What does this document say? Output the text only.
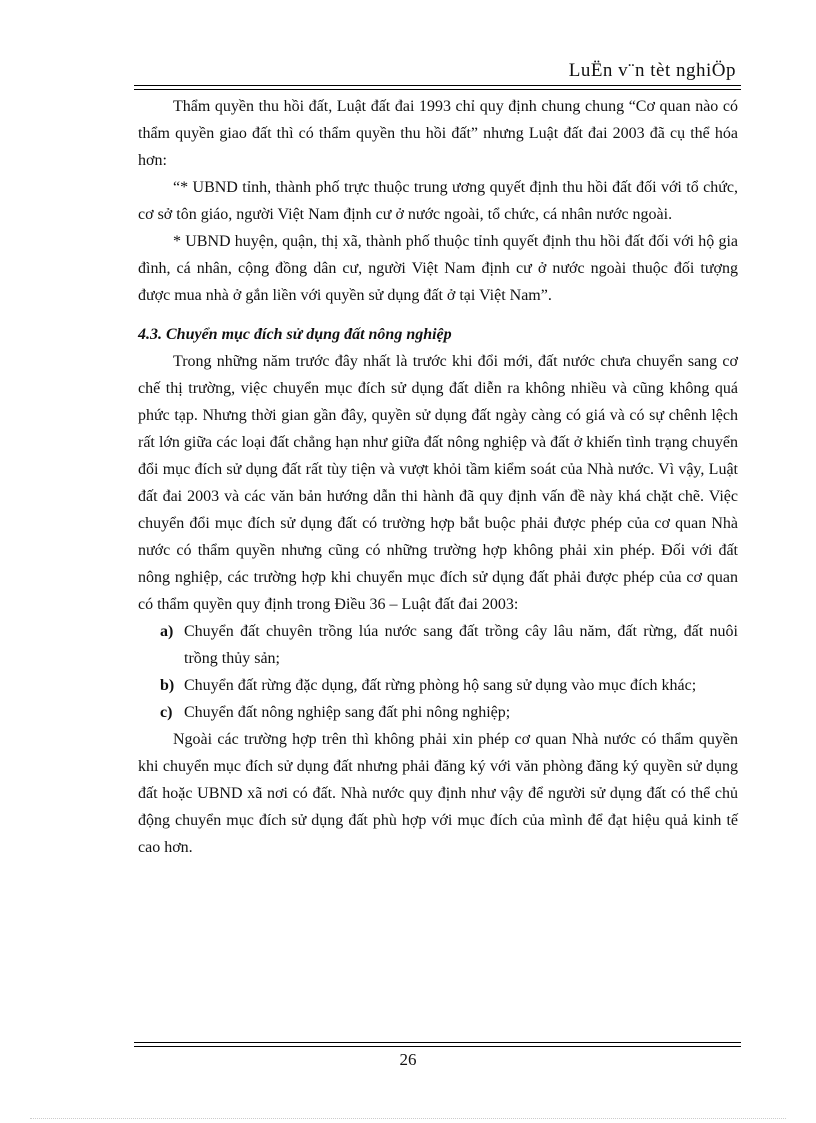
LuËn v¨n tèt nghiÖp

Thẩm quyền thu hồi đất, Luật đất đai 1993 chỉ quy định chung chung “Cơ quan nào có thẩm quyền giao đất thì có thẩm quyền thu hồi đất” nhưng Luật đất đai 2003 đã cụ thể hóa hơn:

“* UBND tỉnh, thành phố trực thuộc trung ương quyết định thu hồi đất đối với tổ chức, cơ sở tôn giáo, người Việt Nam định cư ở nước ngoài, tổ chức, cá nhân nước ngoài.

* UBND huyện, quận, thị xã, thành phố thuộc tỉnh quyết định thu hồi đất đối với hộ gia đình, cá nhân, cộng đồng dân cư, người Việt Nam định cư ở nước ngoài thuộc đối tượng được mua nhà ở gắn liền với quyền sử dụng đất ở tại Việt Nam”.

4.3. Chuyển mục đích sử dụng đất nông nghiệp

Trong những năm trước đây nhất là trước khi đổi mới, đất nước chưa chuyển sang cơ chế thị trường, việc chuyển mục đích sử dụng đất diễn ra không nhiều và cũng không quá phức tạp. Nhưng thời gian gần đây, quyền sử dụng đất ngày càng có giá và có sự chênh lệch rất lớn giữa các loại đất chẳng hạn như giữa đất nông nghiệp và đất ở khiến tình trạng chuyển đổi mục đích sử dụng đất rất tùy tiện và vượt khỏi tầm kiểm soát của Nhà nước. Vì vậy, Luật đất đai 2003 và các văn bản hướng dẫn thi hành đã quy định vấn đề này khá chặt chẽ. Việc chuyển đổi mục đích sử dụng đất có trường hợp bắt buộc phải được phép của cơ quan Nhà nước có thẩm quyền nhưng cũng có những trường hợp không phải xin phép. Đối với đất nông nghiệp, các trường hợp khi chuyển mục đích sử dụng đất phải được phép của cơ quan có thẩm quyền quy định trong Điều 36 – Luật đất đai 2003:

a) Chuyển đất chuyên trồng lúa nước sang đất trồng cây lâu năm, đất rừng, đất nuôi trồng thủy sản;
b) Chuyển đất rừng đặc dụng, đất rừng phòng hộ sang sử dụng vào mục đích khác;
c) Chuyển đất nông nghiệp sang đất phi nông nghiệp;

Ngoài các trường hợp trên thì không phải xin phép cơ quan Nhà nước có thẩm quyền khi chuyển mục đích sử dụng đất nhưng phải đăng ký với văn phòng đăng ký quyền sử dụng đất hoặc UBND xã nơi có đất. Nhà nước quy định như vậy để người sử dụng đất có thể chủ động chuyển mục đích sử dụng đất phù hợp với mục đích của mình để đạt hiệu quả kinh tế cao hơn.

26
